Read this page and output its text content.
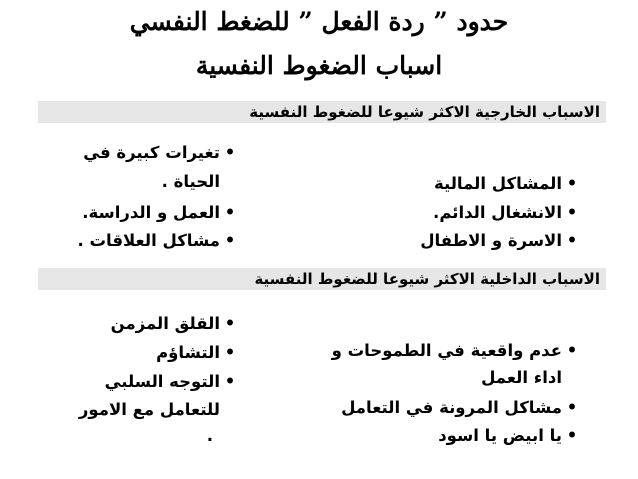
حدود ” ردة الفعل ” للضغط النفسي
اسباب الضغوط النفسية
الاسباب الخارجية الاكثر شيوعا للضغوط النفسية
•المشاكل المالية
•الانشغال الدائم.
•الاسرة و الاطفال
•تغيرات كبيرة في
الحياة .
•العمل و الدراسة.
•مشاكل العلاقات .
الاسباب الداخلية الاكثر شيوعا للضغوط النفسية
•عدم واقعية في الطموحات و
اداء العمل
•مشاكل المرونة في التعامل
•يا ابيض يا اسود
•القلق المزمن
•التشاؤم
•التوجه السلبي
للتعامل مع الامور
.
